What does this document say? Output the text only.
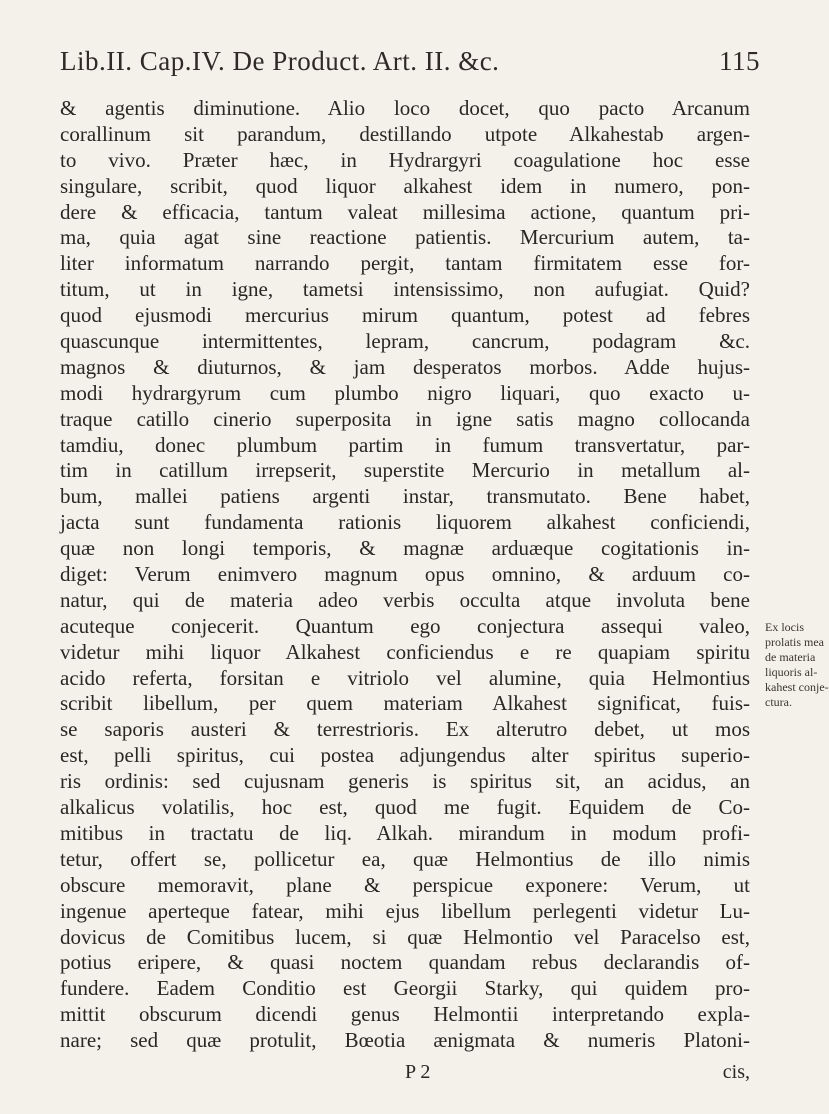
Lib.II. Cap.IV. De Product. Art. II. &c.	115
& agentis diminutione. Alio loco docet, quo pacto Arcanum
corallinum sit parandum, destillando utpote Alkahestab argen-
to vivo. Præter hæc, in Hydrargyri coagulatione hoc esse
singulare, scribit, quod liquor alkahest idem in numero, pon-
dere & efficacia, tantum valeat millesima actione, quantum pri-
ma, quia agat sine reactione patientis. Mercurium autem, ta-
liter informatum narrando pergit, tantam firmitatem esse for-
titum, ut in igne, tametsi intensissimo, non aufugiat. Quid?
quod ejusmodi mercurius mirum quantum, potest ad febres
quascunque intermittentes, lepram, cancrum, podagram &c.
magnos & diuturnos, & jam desperatos morbos. Adde hujus-
modi hydrargyrum cum plumbo nigro liquari, quo exacto u-
traque catillo cinerio superposita in igne satis magno collocanda
tamdiu, donec plumbum partim in fumum transvertatur, par-
tim in catillum irrepserit, superstite Mercurio in metallum al-
bum, mallei patiens argenti instar, transmutato. Bene habet,
jacta sunt fundamenta rationis liquorem alkahest conficiendi,
quæ non longi temporis, & magnæ arduæque cogitationis in-
diget: Verum enimvero magnum opus omnino, & arduum co-
natur, qui de materia adeo verbis occulta atque involuta bene
acuteque conjecerit. Quantum ego conjectura assequi valeo,
videtur mihi liquor Alkahest conficiendus e re quapiam spiritu
acido referta, forsitan e vitriolo vel alumine, quia Helmontius
scribit libellum, per quem materiam Alkahest significat, fuis-
se saporis austeri & terrestrioris. Ex alterutro debet, ut mos
est, pelli spiritus, cui postea adjungendus alter spiritus superio-
ris ordinis: sed cujusnam generis is spiritus sit, an acidus, an
alkalicus volatilis, hoc est, quod me fugit. Equidem de Co-
mitibus in tractatu de liq. Alkah. mirandum in modum profi-
tetur, offert se, pollicetur ea, quæ Helmontius de illo nimis
obscure memoravit, plane & perspicue exponere: Verum, ut
ingenue aperteque fatear, mihi ejus libellum perlegenti videtur Lu-
dovicus de Comitibus lucem, si quæ Helmontio vel Paracelso est,
potius eripere, & quasi noctem quandam rebus declarandis of-
fundere. Eadem Conditio est Georgii Starky, qui quidem pro-
mittit obscurum dicendi genus Helmontii interpretando expla-
nare; sed quæ protulit, Bœotia ænigmata & numeris Platoni-
Ex locis
prolatis mea
de materia
liquoris al-
kahest conje-
ctura.
P 2	cis,
